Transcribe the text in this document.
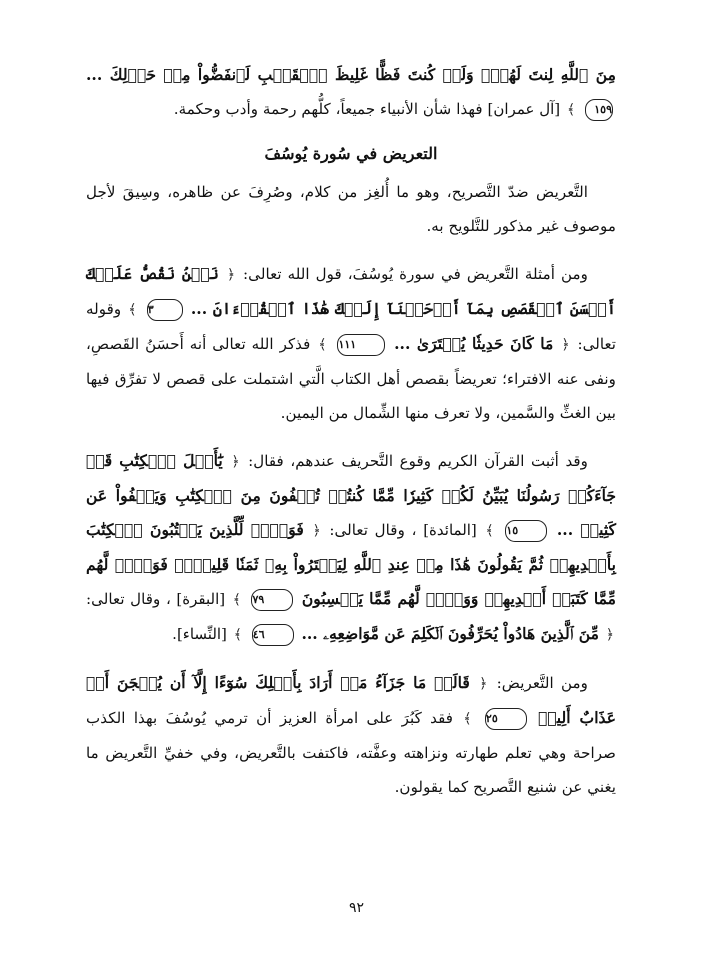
مِنَ ٱللَّهِ لِنتَ لَهُمۡۖ وَلَوۡ كُنتَ فَظًّا غَلِيظَ ٱلۡقَلۡبِ لَٱنفَضُّواْ مِنۡ حَوۡلِكَ ... ١٥٩ ﴾ [آل عمران] فهذا شأن الأنبياء جميعاً، كلُّهم رحمة وأدب وحكمة.

التعريض في سُورة يُوسُفَ

التَّعريض ضدّ التَّصريح، وهو ما أُلغِز من كلام، وصُرِفَ عن ظاهره، وسِيقَ لأجل موصوف غير مذكور للتَّلويح به.

ومن أمثلة التَّعريض في سورة يُوسُفَ، قول الله تعالى: ﴿ نَحۡنُ نَقُصُّ عَلَيۡكَ أَحۡسَنَ ٱلۡقَصَصِ بِمَآ أَوۡحَيۡنَآ إِلَيۡكَ هَٰذَا ٱلۡقُرۡءَانَ ... ٣ ﴾ وقوله تعالى: ﴿ مَا كَانَ حَدِيثٗا يُفۡتَرَىٰ ... ١١١ ﴾ فذكر الله تعالى أنه أَحسَنُ القَصصِ، ونفى عنه الافتراء؛ تعريضاً بقصص أهل الكتاب الَّتي اشتملت على قصص لا تفرِّق فيها بين الغثِّ والسَّمين، ولا تعرف منها الشِّمال من اليمين.

وقد أثبت القرآن الكريم وقوع التَّحريف عندهم، فقال: ﴿ يَٰٓأَهۡلَ ٱلۡكِتَٰبِ قَدۡ جَآءَكُمۡ رَسُولُنَا يُبَيِّنُ لَكُمۡ كَثِيرٗا مِّمَّا كُنتُمۡ تُخۡفُونَ مِنَ ٱلۡكِتَٰبِ وَيَعۡفُواْ عَن كَثِيرٖ ... ١٥ ﴾ [المائدة] ، وقال تعالى: ﴿ فَوَيۡلٞ لِّلَّذِينَ يَكۡتُبُونَ ٱلۡكِتَٰبَ بِأَيۡدِيهِمۡ ثُمَّ يَقُولُونَ هَٰذَا مِنۡ عِندِ ٱللَّهِ لِيَشۡتَرُواْ بِهِۦ ثَمَنٗا قَلِيلٗاۖ فَوَيۡلٞ لَّهُم مِّمَّا كَتَبَتۡ أَيۡدِيهِمۡ وَوَيۡلٞ لَّهُم مِّمَّا يَكۡسِبُونَ ٧٩ ﴾ [البقرة] ، وقال تعالى: ﴿ مِّنَ ٱلَّذِينَ هَادُواْ يُحَرِّفُونَ ٱلۡكَلِمَ عَن مَّوَاضِعِهِۦ ... ٤٦ ﴾ [النِّساء].

ومن التَّعريض: ﴿ قَالَتۡ مَا جَزَآءُ مَنۡ أَرَادَ بِأَهۡلِكَ سُوٓءًا إِلَّآ أَن يُسۡجَنَ أَوۡ عَذَابٌ أَلِيمٞ ٢٥ ﴾ فقد كَبُرَ على امرأة العزيز أن ترمي يُوسُفَ بهذا الكذب صراحة وهي تعلم طهارته ونزاهته وعفَّته، فاكتفت بالتَّعريض، وفي خفيِّ التَّعريض ما يغني عن شنيع التَّصريح كما يقولون.

٩٢
